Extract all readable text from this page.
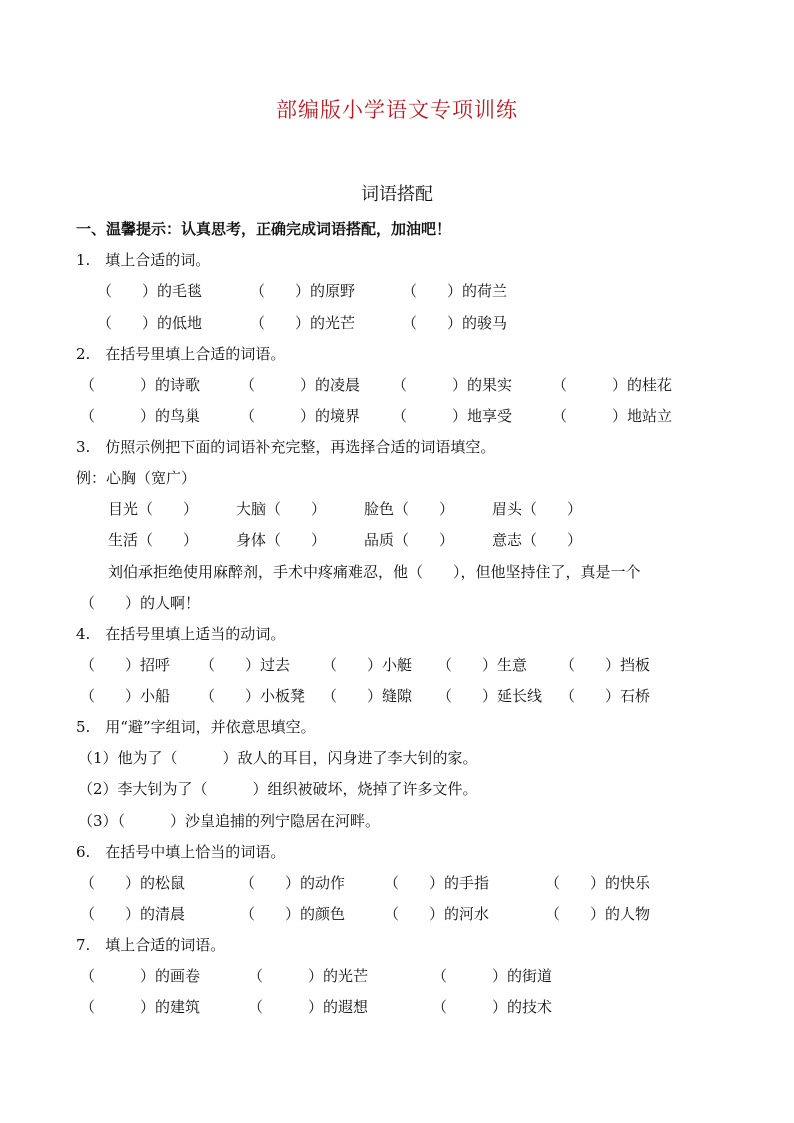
部编版小学语文专项训练
词语搭配
一、温馨提示：认真思考，正确完成词语搭配，加油吧！
1.　填上合适的词。
（　　）的毛毯	（　　）的原野	（　　）的荷兰
（　　）的低地	（　　）的光芒	（　　）的骏马
2.　在括号里填上合适的词语。
（　　　）的诗歌	（　　　）的凌晨 （　　　）的果实	（　　　）的桂花
（　　　）的鸟巢	（　　　）的境界 （　　　）地享受	（　　　）地站立
3.　仿照示例把下面的词语补充完整，再选择合适的词语填空。
例：心胸（宽广）
目光（　　）	大脑（　　）	脸色（　　）	眉头（　　）
生活（　　）	身体（　　）	品质（　　）	意志（　　）
刘伯承拒绝使用麻醉剂，手术中疼痛难忍，他（　　），但他坚持住了，真是一个
（　　）的人啊！
4.　在括号里填上适当的动词。
（　　）招呼 （　　）过去 （　　）小艇 （　　）生意 （　　）挡板
（　　）小船 （　　）小板凳 （　　）缝隙 （　　）延长线 （　　）石桥
5.　用“避”字组词，并依意思填空。
（1）他为了（　　　）敌人的耳目，闪身进了李大钊的家。
（2）李大钊为了（　　　）组织被破坏，烧掉了许多文件。
（3）（　　　）沙皇追捕的列宁隐居在河畔。
6.　在括号中填上恰当的词语。
（　　）的松鼠	（　　）的动作	（　　）的手指	（　　）的快乐
（　　）的清晨	（　　）的颜色	（　　）的河水	（　　）的人物
7.　填上合适的词语。
（　　　）的画卷	（　　　）的光芒	（　　　）的街道
（　　　）的建筑	（　　　）的遐想	（　　　）的技术
